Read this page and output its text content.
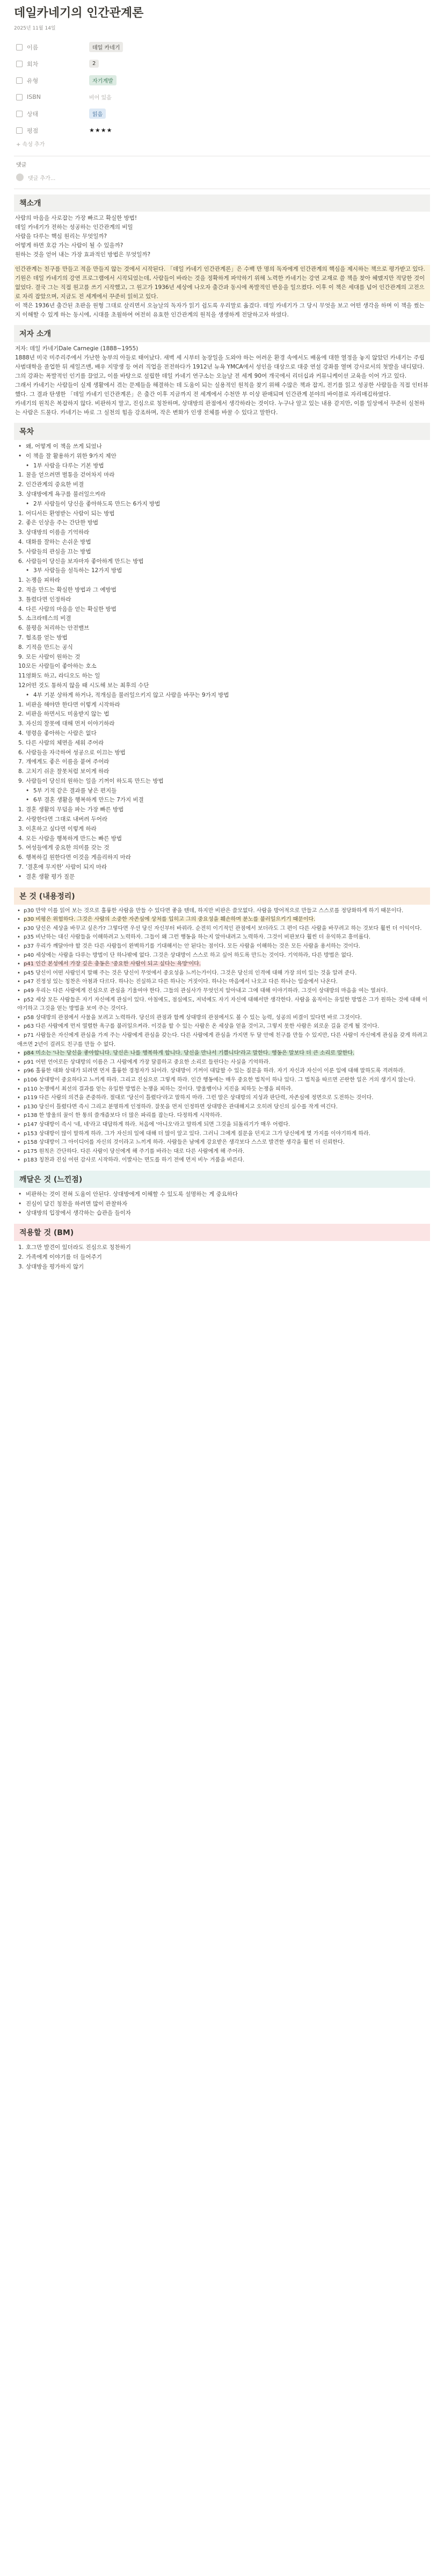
데일카네기의 인간관계론
2025년 11월 14일
이름	데일 카네기
회차	2
유형	자기계발
ISBN	비어 있음
상태	읽음
평점	★★★★
+ 속성 추가
댓글
댓글 추가...
책소개

사람의 마음을 사로잡는 가장 빠르고 확실한 방법!

데일 카네기가 전하는 성공하는 인간관계의 비밀

사람을 다루는 핵심 원리는 무엇일까?

어떻게 하면 호감 가는 사람이 될 수 있을까?

원하는 것을 얻어 내는 가장 효과적인 방법은 무엇일까?

인간관계는 친구를 만들고 적을 만들지 않는 것에서 시작된다. 「데일 카네기 인간관계론」은 수백 만 명의 독자에게 인간관계의 핵심을 제시하는 책으로 평가받고 있다. 기원은 데일 카네기의 강연 프로그램에서 시작되었는데, 사람들이 바라는 것을 정확하게 파악하기 위해 노력한 카네기는 강연 교재로 쓸 책을 찾아 헤맸지만 적당한 것이 없었다. 결국 그는 직접 원고를 쓰기 시작했고, 그 원고가 1936년 세상에 나오자 출간과 동시에 폭발적인 반응을 일으켰다. 이후 이 책은 세대를 넘어 인간관계의 고전으로 자리 잡았으며, 지금도 전 세계에서 꾸준히 읽히고 있다.

이 책은 1936년 출간된 초판을 원형 그대로 살리면서 오늘날의 독자가 읽기 쉽도록 우리말로 옮겼다. 데일 카네기가 그 당시 무엇을 보고 어떤 생각을 하며 이 책을 썼는지 이해할 수 있게 하는 동시에, 시대를 초월하여 여전히 유효한 인간관계의 원칙을 생생하게 전달하고자 하였다.

저자 소개

저자: 데일 카네기Dale Carnegie (1888~1955)

1888년 미국 미주리주에서 가난한 농부의 아들로 태어났다. 새벽 세 시부터 농장일을 도와야 하는 어려운 환경 속에서도 배움에 대한 열정을 놓지 않았던 카네기는 주립 사범대학을 졸업한 뒤 세일즈맨, 배우 지망생 등 여러 직업을 전전하다가 1912년 뉴욕 YMCA에서 성인을 대상으로 대중 연설 강좌를 열며 강사로서의 첫발을 내디뎠다. 그의 강좌는 폭발적인 인기를 끌었고, 이를 바탕으로 설립한 데일 카네기 연구소는 오늘날 전 세계 90여 개국에서 리더십과 커뮤니케이션 교육을 이어 가고 있다.

그래서 카네기는 사람들이 실제 생활에서 겪는 문제들을 해결하는 데 도움이 되는 실용적인 원칙을 찾기 위해 수많은 책과 잡지, 전기를 읽고 성공한 사람들을 직접 인터뷰했다. 그 결과 탄생한 「데일 카네기 인간관계론」은 출간 이후 지금까지 전 세계에서 수천만 부 이상 판매되며 인간관계 분야의 바이블로 자리매김하였다.

카네기의 원칙은 복잡하지 않다. 비판하지 말고, 진심으로 칭찬하며, 상대방의 관점에서 생각하라는 것이다. 누구나 알고 있는 내용 같지만, 이를 일상에서 꾸준히 실천하는 사람은 드물다. 카네기는 바로 그 실천의 힘을 강조하며, 작은 변화가 인생 전체를 바꿀 수 있다고 말한다.

목차
• 왜, 어떻게 이 책을 쓰게 되었나
• 이 책을 잘 활용하기 위한 9가지 제안
• 1부 사람을 다루는 기본 방법
1. 꿀을 얻으려면 벌통을 걷어차지 마라
2. 인간관계의 중요한 비결
3. 상대방에게 욕구를 불러일으켜라
• 2부 사람들이 당신을 좋아하도록 만드는 6가지 방법
1. 어디서든 환영받는 사람이 되는 방법
2. 좋은 인상을 주는 간단한 방법
3. 상대방의 이름을 기억하라
4. 대화를 잘하는 손쉬운 방법
5. 사람들의 관심을 끄는 방법
6. 사람들이 당신을 보자마자 좋아하게 만드는 방법
• 3부 사람들을 설득하는 12가지 방법
1. 논쟁을 피하라
2. 적을 만드는 확실한 방법과 그 예방법
3. 틀렸다면 인정하라
4. 다른 사람의 마음을 얻는 확실한 방법
5. 소크라테스의 비결
6. 불평을 처리하는 안전밸브
7. 협조를 얻는 방법
8. 기적을 만드는 공식
9. 모든 사람이 원하는 것
10.모든 사람들이 좋아하는 호소
11.영화도 하고, 라디오도 하는 일
12.어떤 것도 통하지 않을 때 시도해 보는 최후의 수단
• 4부 기분 상하게 하거나, 적개심을 불러일으키지 않고 사람을 바꾸는 9가지 방법
1. 비판을 해야만 한다면 이렇게 시작하라
2. 비판을 하면서도 미움받지 않는 법
3. 자신의 잘못에 대해 먼저 이야기하라
4. 명령을 좋아하는 사람은 없다
5. 다른 사람의 체면을 세워 주어라
6. 사람들을 자극하여 성공으로 이끄는 방법
7. 개에게도 좋은 이름을 붙여 주어라
8. 고치기 쉬운 잘못처럼 보이게 하라
9. 사람들이 당신의 원하는 일을 기꺼이 하도록 만드는 방법
• 5부 기적 같은 결과를 낳은 편지들
• 6부 결혼 생활을 행복하게 만드는 7가지 비결
1. 결혼 생활의 무덤을 파는 가장 빠른 방법
2. 사랑한다면 그대로 내버려 두어라
3. 이혼하고 싶다면 이렇게 하라
4. 모든 사람을 행복하게 만드는 빠른 방법
5. 여성들에게 중요한 의미를 갖는 것
6. 행복하길 원한다면 이것을 게을리하지 마라
7. '결혼에 무지한' 사람이 되지 마라
• 결혼 생활 평가 질문
본 것 (내용정리)
• p30 만약 이를 읽어 보는 것으로 훌륭한 사람을 만들 수 있다면 좋을 텐데, 하지만 비판은 쓸모없다. 사람을 방어적으로 만들고 스스로를 정당화하게 하기 때문이다.
• p30 비평은 위험하다. 그것은 사람의 소중한 자존심에 상처를 입히고 그의 중요성을 훼손하며 분노를 불러일으키기 때문이다.
• p30 당신은 세상을 바꾸고 싶은가? 그렇다면 우선 당신 자신부터 바꿔라. 순전히 이기적인 관점에서 보더라도 그 편이 다른 사람을 바꾸려고 하는 것보다 훨씬 더 이익이다.
• p35 비난하는 대신 사람들을 이해하려고 노력하자. 그들이 왜 그런 행동을 하는지 알아내려고 노력하자. 그것이 비판보다 훨씬 더 유익하고 흥미롭다.
• p37 우리가 깨달아야 할 것은 다른 사람들이 완벽하기를 기대해서는 안 된다는 점이다. 모든 사람을 이해하는 것은 모든 사람을 용서하는 것이다.
• p40 세상에는 사람을 다루는 방법이 단 하나밖에 없다. 그것은 상대방이 스스로 하고 싶어 하도록 만드는 것이다. 기억하라, 다른 방법은 없다.
• p41 인간 본성에서 가장 깊은 충동은 '중요한 사람이 되고 싶다는 욕망'이다.
• p45 당신이 어떤 사람인지 말해 주는 것은 당신이 무엇에서 중요성을 느끼는가이다. 그것은 당신의 인격에 대해 가장 의미 있는 것을 알려 준다.
• p47 진정성 있는 칭찬은 아첨과 다르다. 하나는 진실하고 다른 하나는 거짓이다. 하나는 마음에서 나오고 다른 하나는 입술에서 나온다.
• p49 우리는 다른 사람에게 진심으로 관심을 기울여야 한다. 그들의 관심사가 무엇인지 알아내고 그에 대해 이야기하라. 그것이 상대방의 마음을 여는 열쇠다.
• p52 세상 모든 사람들은 자기 자신에게 관심이 있다. 아침에도, 점심에도, 저녁에도 자기 자신에 대해서만 생각한다. 사람을 움직이는 유일한 방법은 그가 원하는 것에 대해 이야기하고 그것을 얻는 방법을 보여 주는 것이다.
• p58 상대방의 관점에서 사물을 보려고 노력하라. 당신의 관점과 함께 상대방의 관점에서도 볼 수 있는 능력, 성공의 비결이 있다면 바로 그것이다.
• p63 다른 사람에게 먼저 열렬한 욕구를 불러일으켜라. 이것을 할 수 있는 사람은 온 세상을 얻을 것이고, 그렇지 못한 사람은 외로운 길을 걷게 될 것이다.
• p71 사람들은 자신에게 관심을 가져 주는 사람에게 관심을 갖는다. 다른 사람에게 관심을 가지면 두 달 안에 친구를 만들 수 있지만, 다른 사람이 자신에게 관심을 갖게 하려고 애쓰면 2년이 걸려도 친구를 만들 수 없다.
• p84 미소는 '나는 당신을 좋아합니다. 당신은 나를 행복하게 합니다. 당신을 만나서 기쁩니다'라고 말한다. 행동은 말보다 더 큰 소리로 말한다.
• p91 어떤 언어로든 상대방의 이름은 그 사람에게 가장 달콤하고 중요한 소리로 들린다는 사실을 기억하라.
• p96 훌륭한 대화 상대가 되려면 먼저 훌륭한 경청자가 되어라. 상대방이 기꺼이 대답할 수 있는 질문을 하라. 자기 자신과 자신이 이룬 일에 대해 말하도록 격려하라.
• p106 상대방이 중요하다고 느끼게 하라. 그리고 진심으로 그렇게 하라. 인간 행동에는 매우 중요한 법칙이 하나 있다. 그 법칙을 따르면 곤란한 일은 거의 생기지 않는다.
• p110 논쟁에서 최선의 결과를 얻는 유일한 방법은 논쟁을 피하는 것이다. 방울뱀이나 지진을 피하듯 논쟁을 피하라.
• p119 다른 사람의 의견을 존중하라. 절대로 '당신이 틀렸다'라고 말하지 마라. 그런 말은 상대방의 지성과 판단력, 자존심에 정면으로 도전하는 것이다.
• p130 당신이 틀렸다면 즉시 그리고 분명하게 인정하라. 잘못을 먼저 인정하면 상대방은 관대해지고 오히려 당신의 실수를 작게 여긴다.
• p138 한 방울의 꿀이 한 통의 쓸개즙보다 더 많은 파리를 잡는다. 다정하게 시작하라.
• p147 상대방이 즉시 '네, 네'라고 대답하게 하라. 처음에 '아니오'라고 말하게 되면 그것을 되돌리기가 매우 어렵다.
• p153 상대방이 많이 말하게 하라. 그가 자신의 일에 대해 더 많이 알고 있다. 그러니 그에게 질문을 던지고 그가 당신에게 몇 가지를 이야기하게 하라.
• p158 상대방이 그 아이디어를 자신의 것이라고 느끼게 하라. 사람들은 남에게 강요받은 생각보다 스스로 발견한 생각을 훨씬 더 신뢰한다.
• p175 원칙은 간단하다. 다른 사람이 당신에게 해 주기를 바라는 대로 다른 사람에게 해 주어라.
• p183 칭찬과 진심 어린 감사로 시작하라. 이발사는 면도를 하기 전에 먼저 비누 거품을 바른다.
깨달은 것 (느낀점)
• 비판하는 것이 전혀 도움이 안된다. 상대방에게 이해할 수 있도록 설명하는 게 중요하다
• 진심이 담긴 칭찬을 하려면 많이 관찰하자
• 상대방의 입장에서 생각하는 습관을 들이자
적용할 것 (BM)
1. 호그만 발견이 있더라도 진심으로 칭찬하기
2. 가족에게 이야기를 더 들어주기
3. 상대방을 평가하지 않기
